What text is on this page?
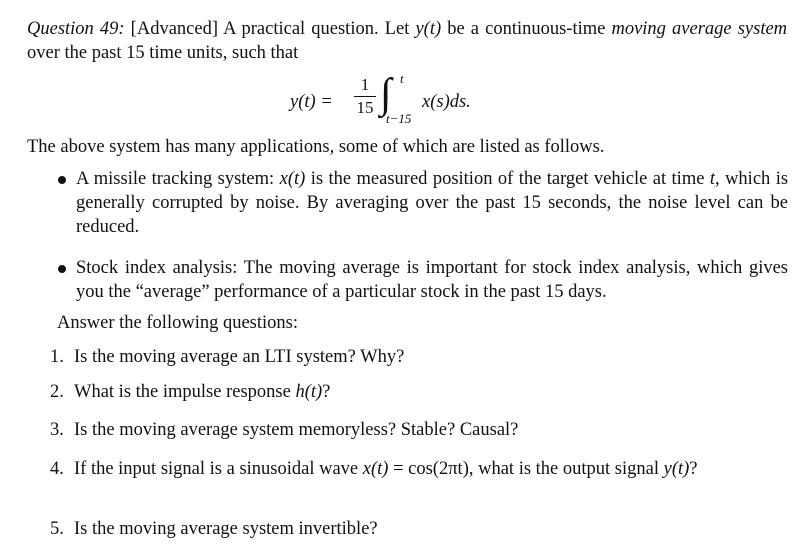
Question 49: [Advanced] A practical question. Let y(t) be a continuous-time moving average system over the past 15 time units, such that
y(t) =
1
15 ∫ t
t−15
x(s)ds.
The above system has many applications, some of which are listed as follows.
A missile tracking system: x(t) is the measured position of the target vehicle at time t, which is generally corrupted by noise. By averaging over the past 15 seconds, the noise level can be reduced.
Stock index analysis: The moving average is important for stock index analysis, which gives you the “average” performance of a particular stock in the past 15 days.
Answer the following questions:
1. Is the moving average an LTI system? Why?
2. What is the impulse response h(t)?
3. Is the moving average system memoryless? Stable? Causal?
4. If the input signal is a sinusoidal wave x(t) = cos(2πt), what is the output signal y(t)?
5. Is the moving average system invertible?
